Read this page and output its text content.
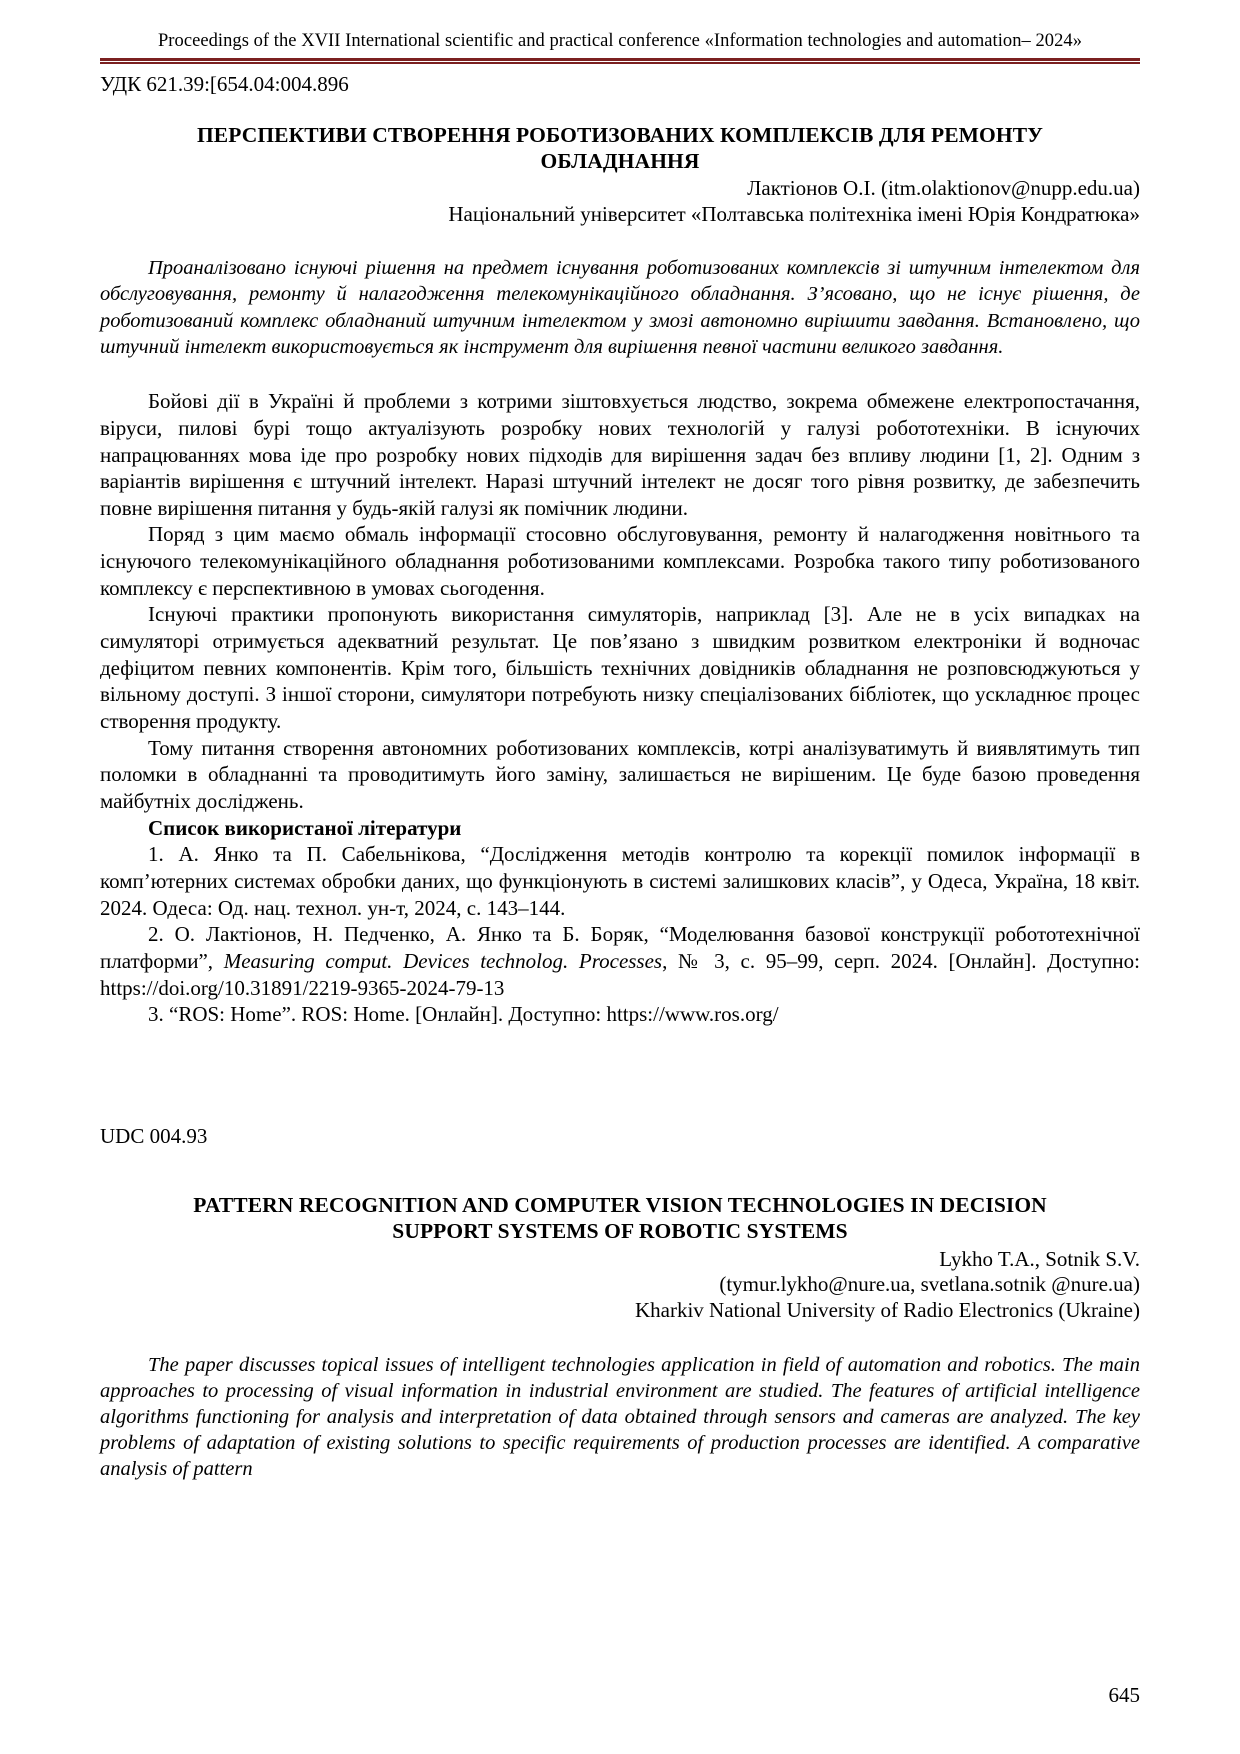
Proceedings of the XVII International scientific and practical conference «Information technologies and automation– 2024»
УДК 621.39:[654.04:004.896
ПЕРСПЕКТИВИ СТВОРЕННЯ РОБОТИЗОВАНИХ КОМПЛЕКСІВ ДЛЯ РЕМОНТУ
ОБЛАДНАННЯ
Лактіонов О.І. (itm.olaktionov@nupp.edu.ua)
Національний університет «Полтавська політехніка імені Юрія Кондратюка»
Проаналізовано існуючі рішення на предмет існування роботизованих комплексів зі штучним інтелектом для обслуговування, ремонту й налагодження телекомунікаційного обладнання. З’ясовано, що не існує рішення, де роботизований комплекс обладнаний штучним інтелектом у змозі автономно вирішити завдання. Встановлено, що штучний інтелект використовується як інструмент для вирішення певної частини великого завдання.
Бойові дії в Україні й проблеми з котрими зіштовхується людство, зокрема обмежене електропостачання, віруси, пилові бурі тощо актуалізують розробку нових технологій у галузі робототехніки. В існуючих напрацюваннях мова іде про розробку нових підходів для вирішення задач без впливу людини [1, 2]. Одним з варіантів вирішення є штучний інтелект. Наразі штучний інтелект не досяг того рівня розвитку, де забезпечить повне вирішення питання у будь-якій галузі як помічник людини.
Поряд з цим маємо обмаль інформації стосовно обслуговування, ремонту й налагодження новітнього та існуючого телекомунікаційного обладнання роботизованими комплексами. Розробка такого типу роботизованого комплексу є перспективною в умовах сьогодення.
Існуючі практики пропонують використання симуляторів, наприклад [3]. Але не в усіх випадках на симуляторі отримується адекватний результат. Це пов’язано з швидким розвитком електроніки й водночас дефіцитом певних компонентів. Крім того, більшість технічних довідників обладнання не розповсюджуються у вільному доступі. З іншої сторони, симулятори потребують низку спеціалізованих бібліотек, що ускладнює процес створення продукту.
Тому питання створення автономних роботизованих комплексів, котрі аналізуватимуть й виявлятимуть тип поломки в обладнанні та проводитимуть його заміну, залишається не вирішеним. Це буде базою проведення майбутніх досліджень.
Список використаної літератури
1. А. Янко та П. Сабельнікова, “Дослідження методів контролю та корекції помилок інформації в комп’ютерних системах обробки даних, що функціонують в системі залишкових класів”, у Одеса, Україна, 18 квіт. 2024. Одеса: Од. нац. технол. ун-т, 2024, с. 143–144.
2. О. Лактіонов, Н. Педченко, А. Янко та Б. Боряк, “Моделювання базової конструкції робототехнічної платформи”, Measuring comput. Devices technolog. Processes, № 3, с. 95–99, серп. 2024. [Онлайн]. Доступно: https://doi.org/10.31891/2219-9365-2024-79-13
3. “ROS: Home”. ROS: Home. [Онлайн]. Доступно: https://www.ros.org/
UDC 004.93
PATTERN RECOGNITION AND COMPUTER VISION TECHNOLOGIES IN DECISION
SUPPORT SYSTEMS OF ROBOTIC SYSTEMS
Lykho T.A., Sotnik S.V.
(tymur.lykho@nure.ua, svetlana.sotnik @nure.ua)
Kharkiv National University of Radio Electronics (Ukraine)
The paper discusses topical issues of intelligent technologies application in field of automation and robotics. The main approaches to processing of visual information in industrial environment are studied. The features of artificial intelligence algorithms functioning for analysis and interpretation of data obtained through sensors and cameras are analyzed. The key problems of adaptation of existing solutions to specific requirements of production processes are identified. A comparative analysis of pattern
645
